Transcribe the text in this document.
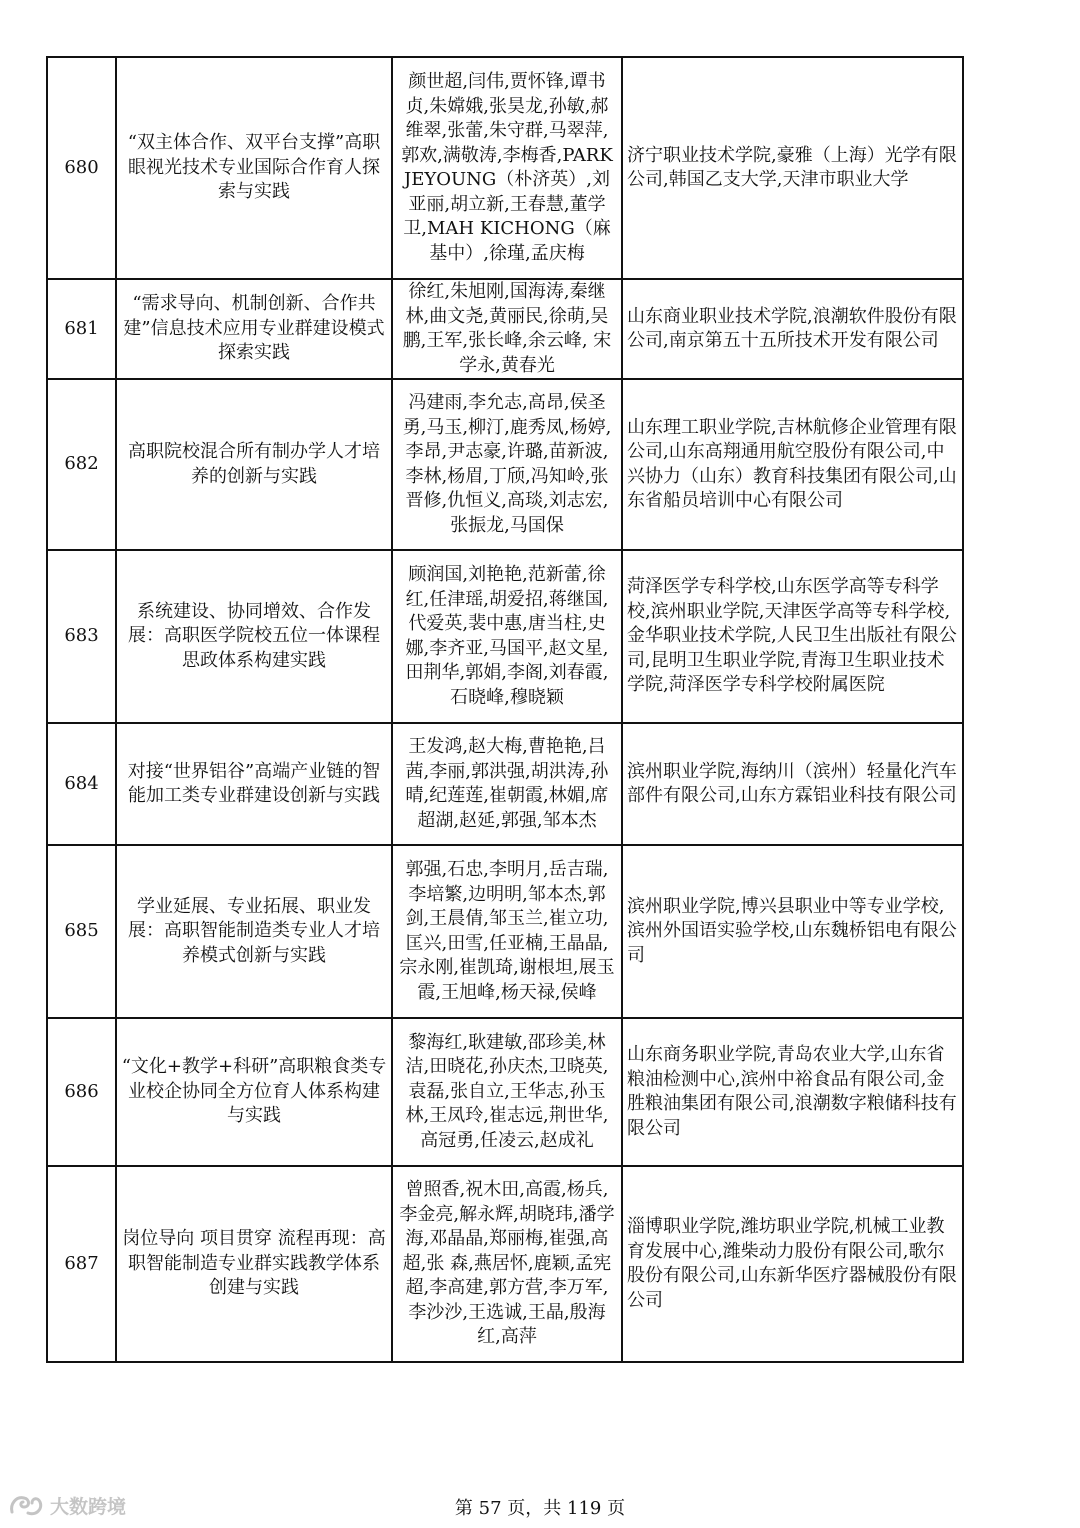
680	“双主体合作、双平台支撑”高职眼视光技术专业国际合作育人探索与实践	颜世超,闫伟,贾怀锋,谭书贞,朱嫦娥,张昊龙,孙敏,郝维翠,张蕾,朱守群,马翠萍,郭欢,满敬涛,李梅香,PARK JEYOUNG（朴济英）,刘亚丽,胡立新,王春慧,董学卫,MAH KICHONG（麻基中）,徐瑾,孟庆梅	济宁职业技术学院,豪雅（上海）光学有限公司,韩国乙支大学,天津市职业大学
681	“需求导向、机制创新、合作共建”信息技术应用专业群建设模式探索实践	徐红,朱旭刚,国海涛,秦继林,曲文尧,黄丽民,徐萌,吴鹏,王军,张长峰,余云峰, 宋学永,黄春光	山东商业职业技术学院,浪潮软件股份有限公司,南京第五十五所技术开发有限公司
682	高职院校混合所有制办学人才培养的创新与实践	冯建雨,李允志,高昂,侯圣勇,马玉,柳汀,鹿秀凤,杨婷,李昂,尹志豪,许璐,苗新波,李林,杨眉,丁颀,冯知岭,张晋修,仇恒义,高琰,刘志宏,张振龙,马国保	山东理工职业学院,吉林航修企业管理有限公司,山东高翔通用航空股份有限公司,中兴协力（山东）教育科技集团有限公司,山东省船员培训中心有限公司
683	系统建设、协同增效、合作发展：高职医学院校五位一体课程思政体系构建实践	顾润国,刘艳艳,范新蕾,徐红,任津瑶,胡爱招,蒋继国,代爱英,裴中惠,唐当柱,史娜,李齐亚,马国平,赵文星,田荆华,郭娟,李阁,刘春霞,石晓峰,穆晓颖	菏泽医学专科学校,山东医学高等专科学校,滨州职业学院,天津医学高等专科学校,金华职业技术学院,人民卫生出版社有限公司,昆明卫生职业学院,青海卫生职业技术学院,菏泽医学专科学校附属医院
684	对接“世界铝谷”高端产业链的智能加工类专业群建设创新与实践	王发鸿,赵大梅,曹艳艳,吕茜,李丽,郭洪强,胡洪涛,孙晴,纪莲莲,崔朝霞,林媚,席超湖,赵延,郭强,邹本杰	滨州职业学院,海纳川（滨州）轻量化汽车部件有限公司,山东方霖铝业科技有限公司
685	学业延展、专业拓展、职业发展：高职智能制造类专业人才培养模式创新与实践	郭强,石忠,李明月,岳吉瑞,李培繁,边明明,邹本杰,郭剑,王晨倩,邹玉兰,崔立功,匡兴,田雪,任亚楠,王晶晶,宗永刚,崔凯琦,谢根坦,展玉霞,王旭峰,杨天禄,侯峰	滨州职业学院,博兴县职业中等专业学校,滨州外国语实验学校,山东魏桥铝电有限公司
686	“文化+教学+科研”高职粮食类专业校企协同全方位育人体系构建与实践	黎海红,耿建敏,邵珍美,林洁,田晓花,孙庆杰,卫晓英,袁磊,张自立,王华志,孙玉林,王凤玲,崔志远,荆世华,高冠勇,任凌云,赵成礼	山东商务职业学院,青岛农业大学,山东省粮油检测中心,滨州中裕食品有限公司,金胜粮油集团有限公司,浪潮数字粮储科技有限公司
687	岗位导向 项目贯穿 流程再现：高职智能制造专业群实践教学体系创建与实践	曾照香,祝木田,高霞,杨兵,李金亮,解永辉,胡晓玮,潘学海,邓晶晶,郑丽梅,崔强,高超,张 森,燕居怀,鹿颖,孟宪超,李高建,郭方营,李万军,李沙沙,王选诚,王晶,殷海红,高萍	淄博职业学院,潍坊职业学院,机械工业教育发展中心,潍柴动力股份有限公司,歌尔股份有限公司,山东新华医疗器械股份有限公司
大数跨境	第 57 页，共 119 页
